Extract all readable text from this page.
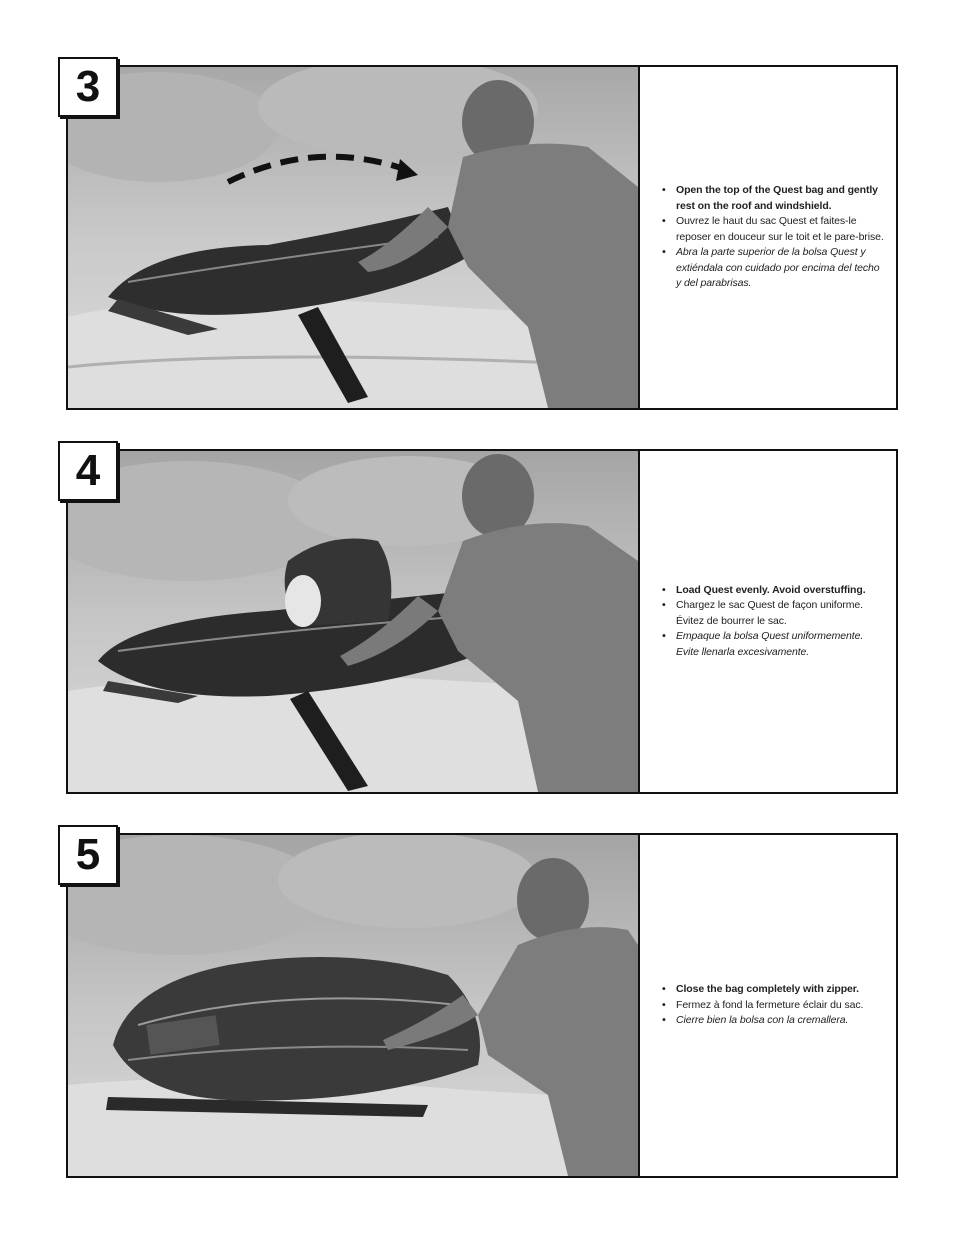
3
• Open the top of the Quest bag and gently rest on the roof and windshield.
• Ouvrez le haut du sac Quest et faites-le reposer en douceur sur le toit et le pare-brise.
• Abra la parte superior de la bolsa Quest y extiéndala con cuidado por encima del techo y del parabrisas.
4
• Load Quest evenly. Avoid overstuffing.
• Chargez le sac Quest de façon uniforme. Évitez de bourrer le sac.
• Empaque la bolsa Quest uniformemente. Evite llenarla excesivamente.
5
• Close the bag completely with zipper.
• Fermez à fond la fermeture éclair du sac.
• Cierre bien la bolsa con la cremallera.
